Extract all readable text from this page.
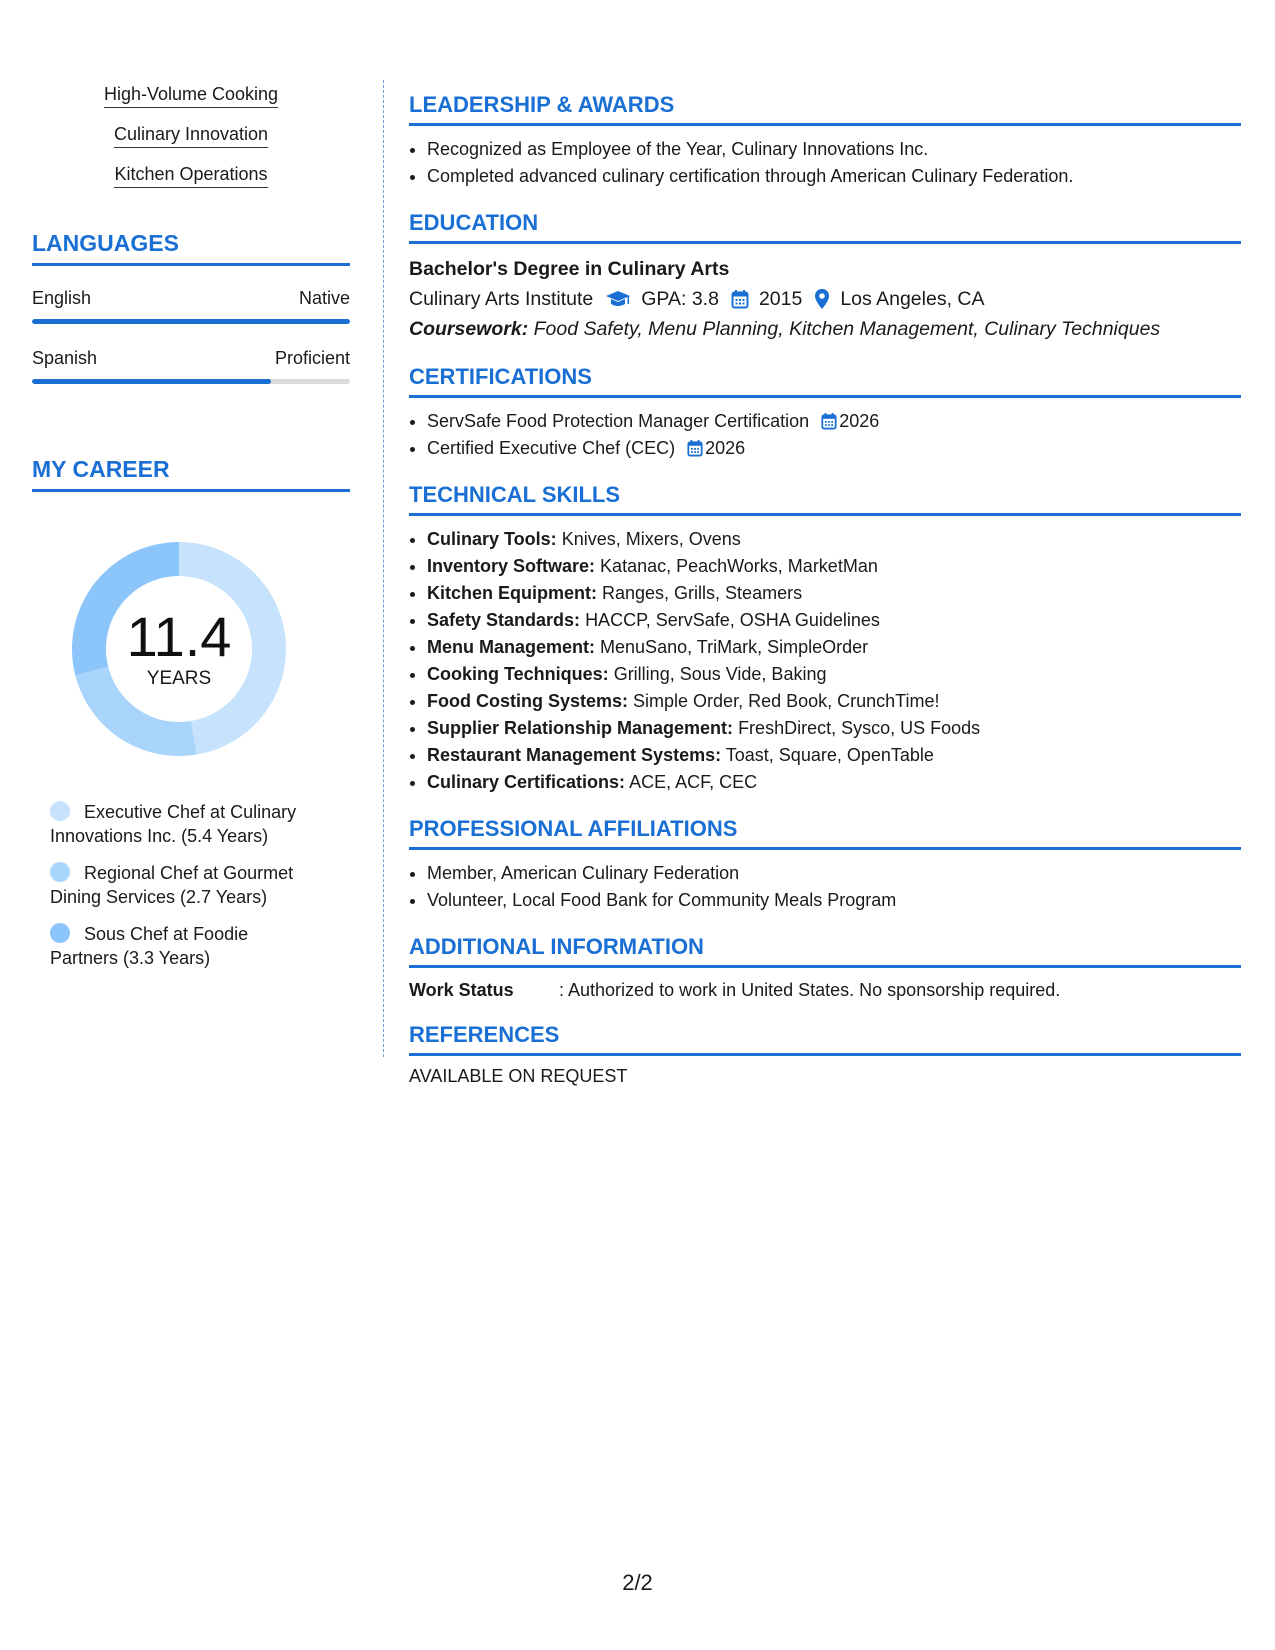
High-Volume Cooking
Culinary Innovation
Kitchen Operations
LANGUAGES
English	Native
Spanish	Proficient
MY CAREER
11.4
YEARS
Executive Chef at Culinary Innovations Inc. (5.4 Years)
Regional Chef at Gourmet Dining Services (2.7 Years)
Sous Chef at Foodie Partners (3.3 Years)
LEADERSHIP & AWARDS
• Recognized as Employee of the Year, Culinary Innovations Inc.
• Completed advanced culinary certification through American Culinary Federation.
EDUCATION
Bachelor's Degree in Culinary Arts
Culinary Arts Institute GPA: 3.8 2015 Los Angeles, CA
Coursework: Food Safety, Menu Planning, Kitchen Management, Culinary Techniques
CERTIFICATIONS
• ServSafe Food Protection Manager Certification 2026
• Certified Executive Chef (CEC) 2026
TECHNICAL SKILLS
• Culinary Tools: Knives, Mixers, Ovens
• Inventory Software: Katanac, PeachWorks, MarketMan
• Kitchen Equipment: Ranges, Grills, Steamers
• Safety Standards: HACCP, ServSafe, OSHA Guidelines
• Menu Management: MenuSano, TriMark, SimpleOrder
• Cooking Techniques: Grilling, Sous Vide, Baking
• Food Costing Systems: Simple Order, Red Book, CrunchTime!
• Supplier Relationship Management: FreshDirect, Sysco, US Foods
• Restaurant Management Systems: Toast, Square, OpenTable
• Culinary Certifications: ACE, ACF, CEC
PROFESSIONAL AFFILIATIONS
• Member, American Culinary Federation
• Volunteer, Local Food Bank for Community Meals Program
ADDITIONAL INFORMATION
Work Status	: Authorized to work in United States. No sponsorship required.
REFERENCES
AVAILABLE ON REQUEST
2/2
